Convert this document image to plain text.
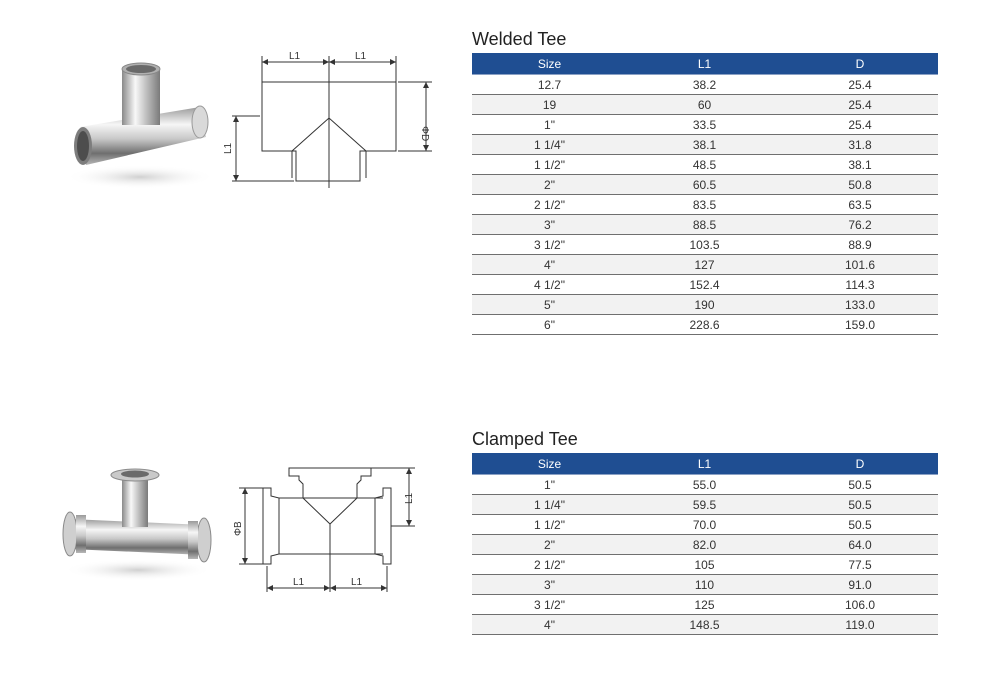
L1	L1
L1
ΦD
Welded Tee
Size	L1	D
12.7	38.2	25.4
19	60	25.4
1"	33.5	25.4
1 1/4"	38.1	31.8
1 1/2"	48.5	38.1
2"	60.5	50.8
2 1/2"	83.5	63.5
3"	88.5	76.2
3 1/2"	103.5	88.9
4"	127	101.6
4 1/2"	152.4	114.3
5"	190	133.0
6"	228.6	159.0
L1
ΦB
L1	L1
Clamped Tee
Size	L1	D
1"	55.0	50.5
1 1/4"	59.5	50.5
1 1/2"	70.0	50.5
2"	82.0	64.0
2 1/2"	105	77.5
3"	110	91.0
3 1/2"	125	106.0
4"	148.5	119.0
